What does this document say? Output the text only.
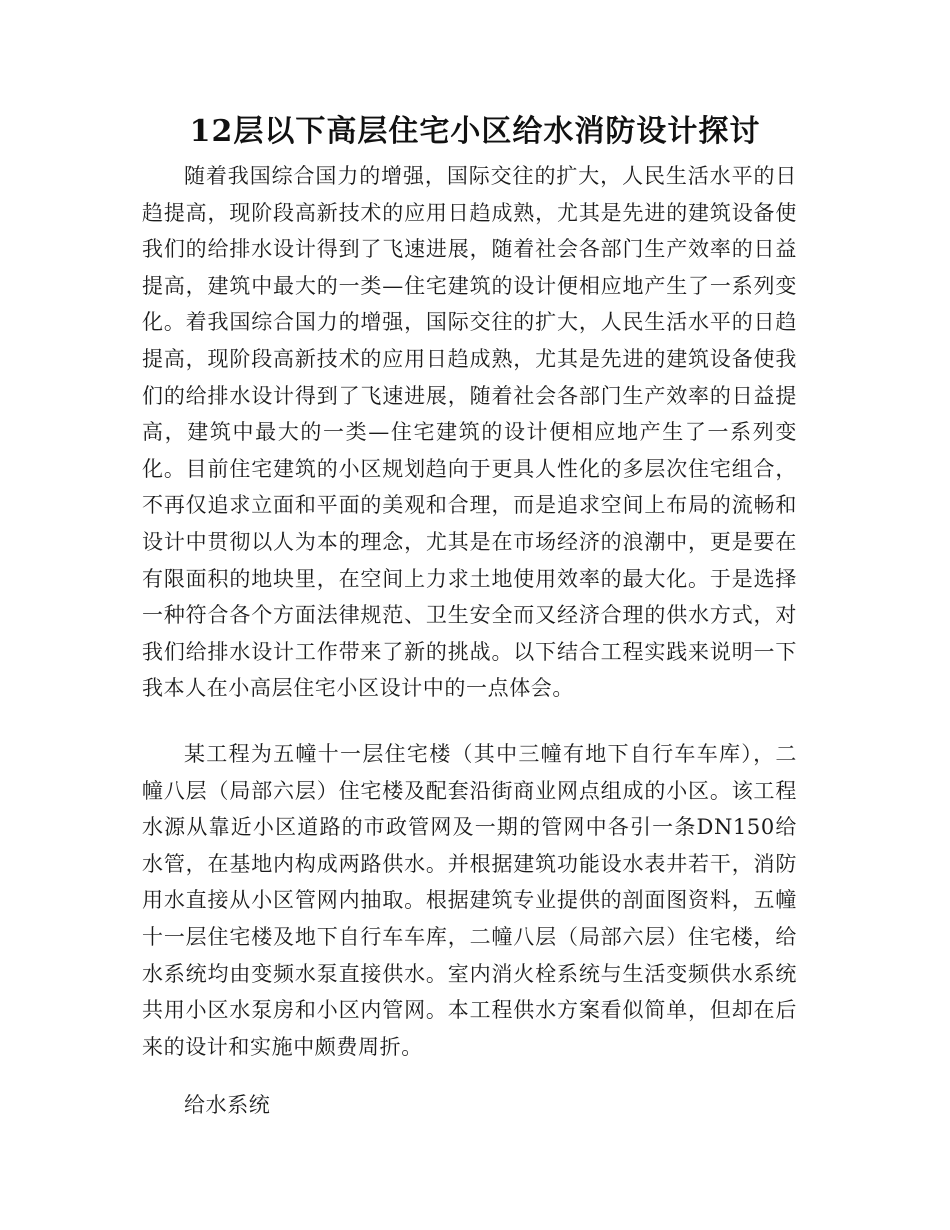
12层以下高层住宅小区给水消防设计探讨

随着我国综合国力的增强，国际交往的扩大，人民生活水平的日趋提高，现阶段高新技术的应用日趋成熟，尤其是先进的建筑设备使我们的给排水设计得到了飞速进展，随着社会各部门生产效率的日益提高，建筑中最大的一类—住宅建筑的设计便相应地产生了一系列变化。着我国综合国力的增强，国际交往的扩大，人民生活水平的日趋提高，现阶段高新技术的应用日趋成熟，尤其是先进的建筑设备使我们的给排水设计得到了飞速进展，随着社会各部门生产效率的日益提高，建筑中最大的一类—住宅建筑的设计便相应地产生了一系列变化。目前住宅建筑的小区规划趋向于更具人性化的多层次住宅组合，不再仅追求立面和平面的美观和合理，而是追求空间上布局的流畅和设计中贯彻以人为本的理念，尤其是在市场经济的浪潮中，更是要在有限面积的地块里，在空间上力求土地使用效率的最大化。于是选择一种符合各个方面法律规范、卫生安全而又经济合理的供水方式，对我们给排水设计工作带来了新的挑战。以下结合工程实践来说明一下我本人在小高层住宅小区设计中的一点体会。

某工程为五幢十一层住宅楼（其中三幢有地下自行车车库），二幢八层（局部六层）住宅楼及配套沿街商业网点组成的小区。该工程水源从靠近小区道路的市政管网及一期的管网中各引一条DN150给水管，在基地内构成两路供水。并根据建筑功能设水表井若干，消防用水直接从小区管网内抽取。根据建筑专业提供的剖面图资料，五幢十一层住宅楼及地下自行车车库，二幢八层（局部六层）住宅楼，给水系统均由变频水泵直接供水。室内消火栓系统与生活变频供水系统共用小区水泵房和小区内管网。本工程供水方案看似简单，但却在后来的设计和实施中颇费周折。

给水系统
